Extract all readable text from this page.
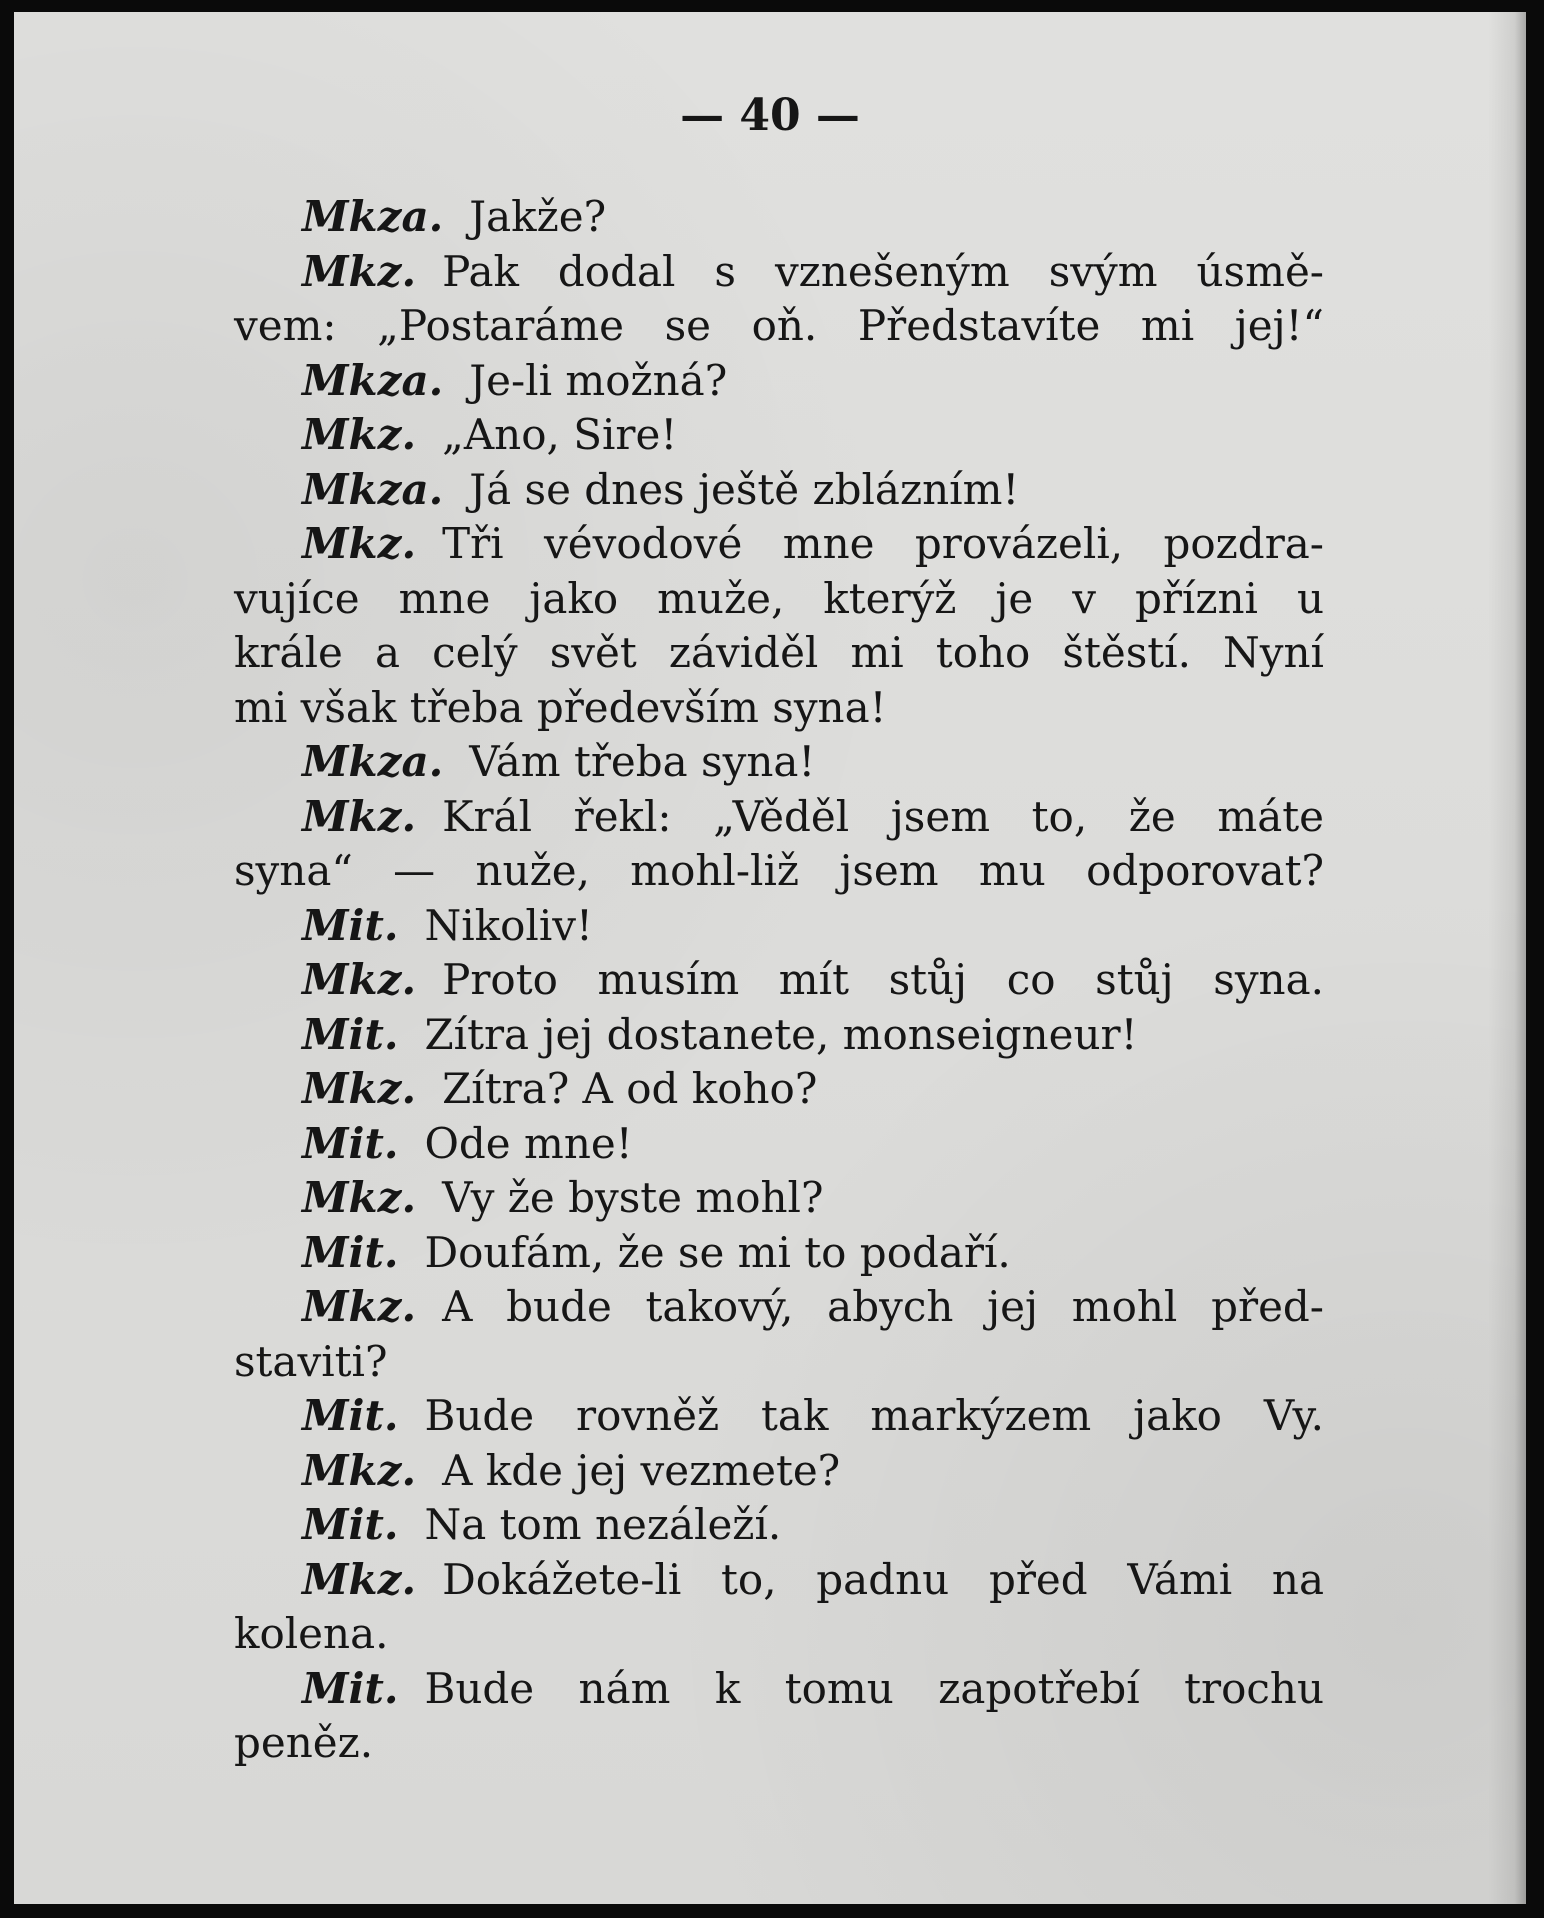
— 40 —
Mkza. Jakže?
Mkz. Pak dodal s vznešeným svým úsmě-
vem: „Postaráme se oň. Představíte mi jej!“
Mkza. Je-li možná?
Mkz. „Ano, Sire!
Mkza. Já se dnes ještě zblázním!
Mkz. Tři vévodové mne provázeli, pozdra-
vujíce mne jako muže, kterýž je v přízni u
krále a celý svět záviděl mi toho štěstí. Nyní
mi však třeba především syna!
Mkza. Vám třeba syna!
Mkz. Král řekl: „Věděl jsem to, že máte
syna“ — nuže, mohl-liž jsem mu odporovat?
Mit. Nikoliv!
Mkz. Proto musím mít stůj co stůj syna.
Mit. Zítra jej dostanete, monseigneur!
Mkz. Zítra? A od koho?
Mit. Ode mne!
Mkz. Vy že byste mohl?
Mit. Doufám, že se mi to podaří.
Mkz. A bude takový, abych jej mohl před-
staviti?
Mit. Bude rovněž tak markýzem jako Vy.
Mkz. A kde jej vezmete?
Mit. Na tom nezáleží.
Mkz. Dokážete-li to, padnu před Vámi na
kolena.
Mit. Bude nám k tomu zapotřebí trochu
peněz.
